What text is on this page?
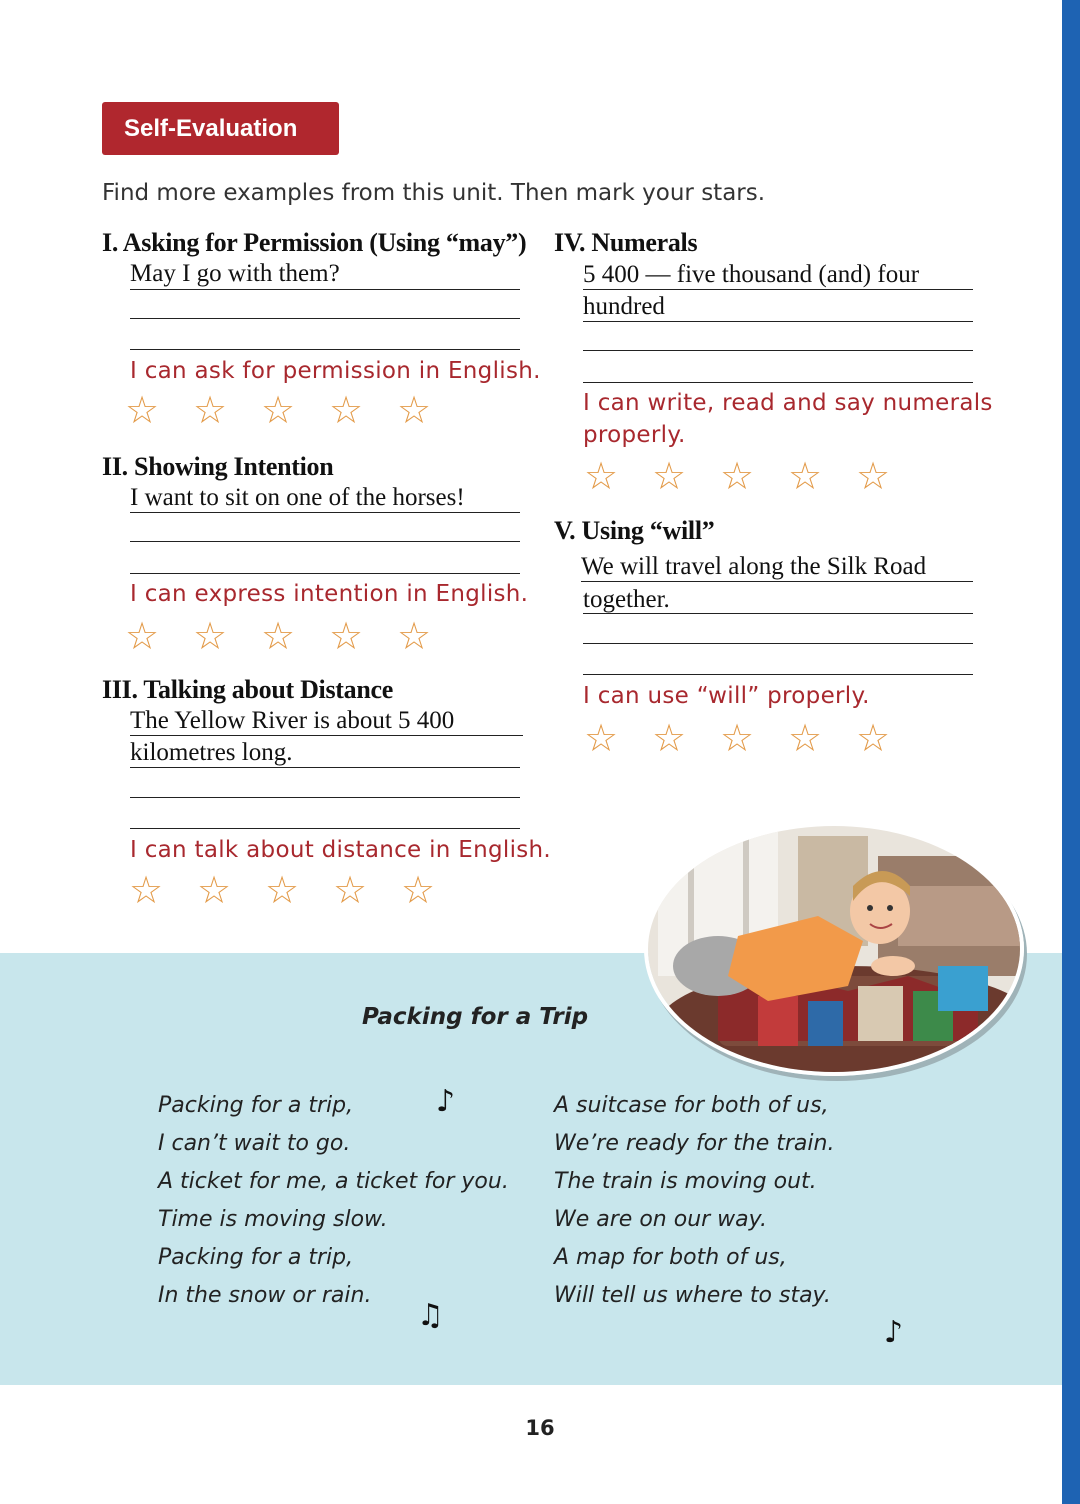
Self-Evaluation
Find more examples from this unit. Then mark your stars.
I. Asking for Permission (Using “may”)
May I go with them?
I can ask for permission in English.
☆ ☆ ☆ ☆ ☆
II. Showing Intention
I want to sit on one of the horses!
I can express intention in English.
☆ ☆ ☆ ☆ ☆
III. Talking about Distance
The Yellow River is about 5 400
kilometres long.
I can talk about distance in English.
☆ ☆ ☆ ☆ ☆
IV. Numerals
5 400 — five thousand (and) four
hundred
I can write, read and say numerals
properly.
☆ ☆ ☆ ☆ ☆
V. Using “will”
We will travel along the Silk Road
together.
I can use “will” properly.
☆ ☆ ☆ ☆ ☆
Packing for a Trip
Packing for a trip,
I can’t wait to go.
A ticket for me, a ticket for you.
Time is moving slow.
Packing for a trip,
In the snow or rain.
A suitcase for both of us,
We’re ready for the train.
The train is moving out.
We are on our way.
A map for both of us,
Will tell us where to stay.
♪
♫	♪
16
